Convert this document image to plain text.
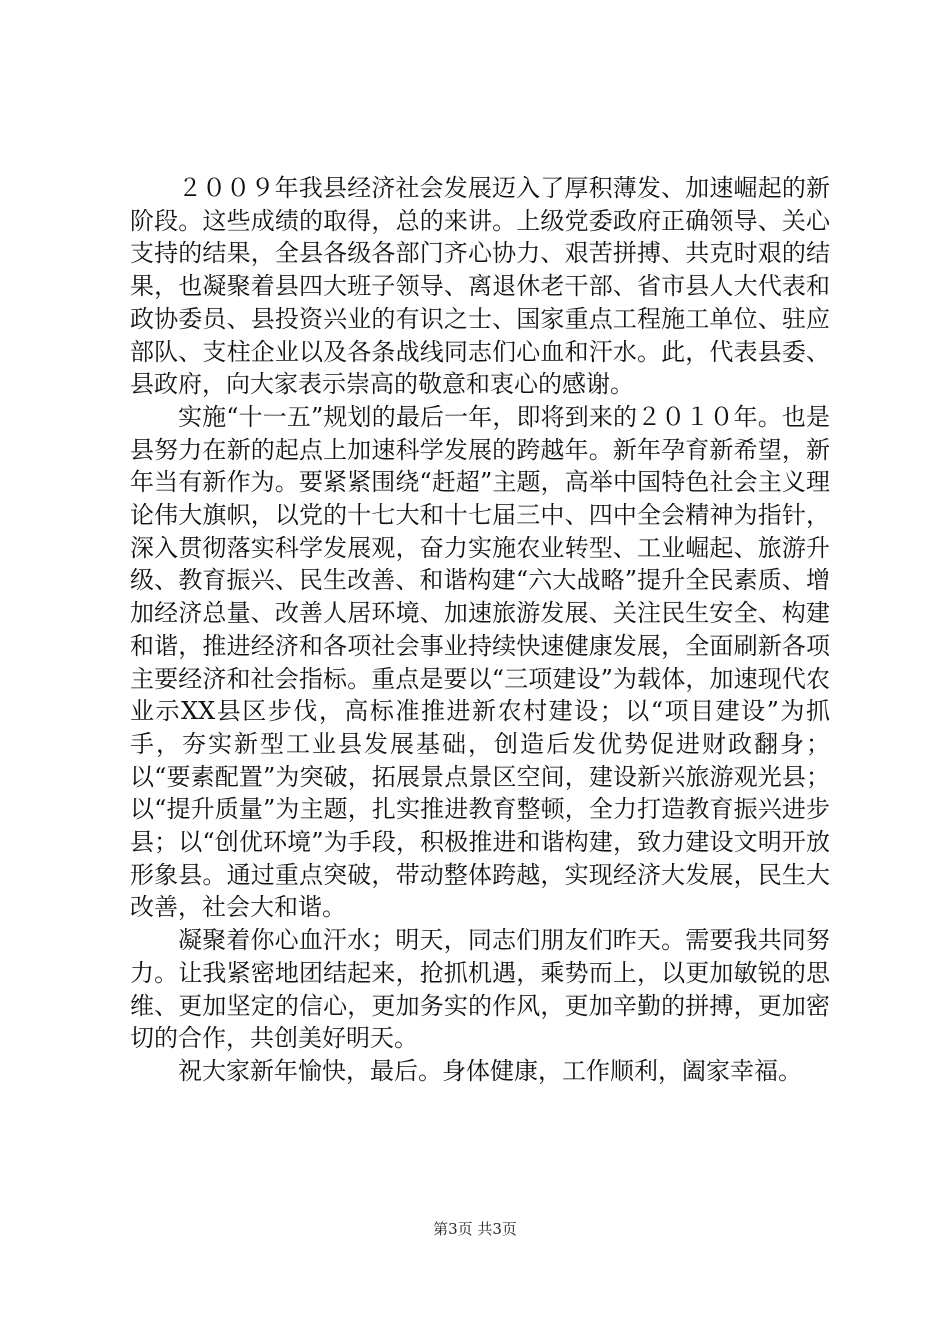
２００９年我县经济社会发展迈入了厚积薄发、加速崛起的新阶段。这些成绩的取得，总的来讲。上级党委政府正确领导、关心支持的结果，全县各级各部门齐心协力、艰苦拼搏、共克时艰的结果，也凝聚着县四大班子领导、离退休老干部、省市县人大代表和政协委员、县投资兴业的有识之士、国家重点工程施工单位、驻应部队、支柱企业以及各条战线同志们心血和汗水。此，代表县委、县政府，向大家表示崇高的敬意和衷心的感谢。

实施“十一五”规划的最后一年，即将到来的２０１０年。也是县努力在新的起点上加速科学发展的跨越年。新年孕育新希望，新年当有新作为。要紧紧围绕“赶超”主题，高举中国特色社会主义理论伟大旗帜，以党的十七大和十七届三中、四中全会精神为指针，深入贯彻落实科学发展观，奋力实施农业转型、工业崛起、旅游升级、教育振兴、民生改善、和谐构建“六大战略”提升全民素质、增加经济总量、改善人居环境、加速旅游发展、关注民生安全、构建和谐，推进经济和各项社会事业持续快速健康发展，全面刷新各项主要经济和社会指标。重点是要以“三项建设”为载体，加速现代农业示XX县区步伐，高标准推进新农村建设；以“项目建设”为抓手，夯实新型工业县发展基础，创造后发优势促进财政翻身；以“要素配置”为突破，拓展景点景区空间，建设新兴旅游观光县；以“提升质量”为主题，扎实推进教育整顿，全力打造教育振兴进步县；以“创优环境”为手段，积极推进和谐构建，致力建设文明开放形象县。通过重点突破，带动整体跨越，实现经济大发展，民生大改善，社会大和谐。

凝聚着你心血汗水；明天，同志们朋友们昨天。需要我共同努力。让我紧密地团结起来，抢抓机遇，乘势而上，以更加敏锐的思维、更加坚定的信心，更加务实的作风，更加辛勤的拼搏，更加密切的合作，共创美好明天。

祝大家新年愉快，最后。身体健康，工作顺利，阖家幸福。

第3页 共3页
